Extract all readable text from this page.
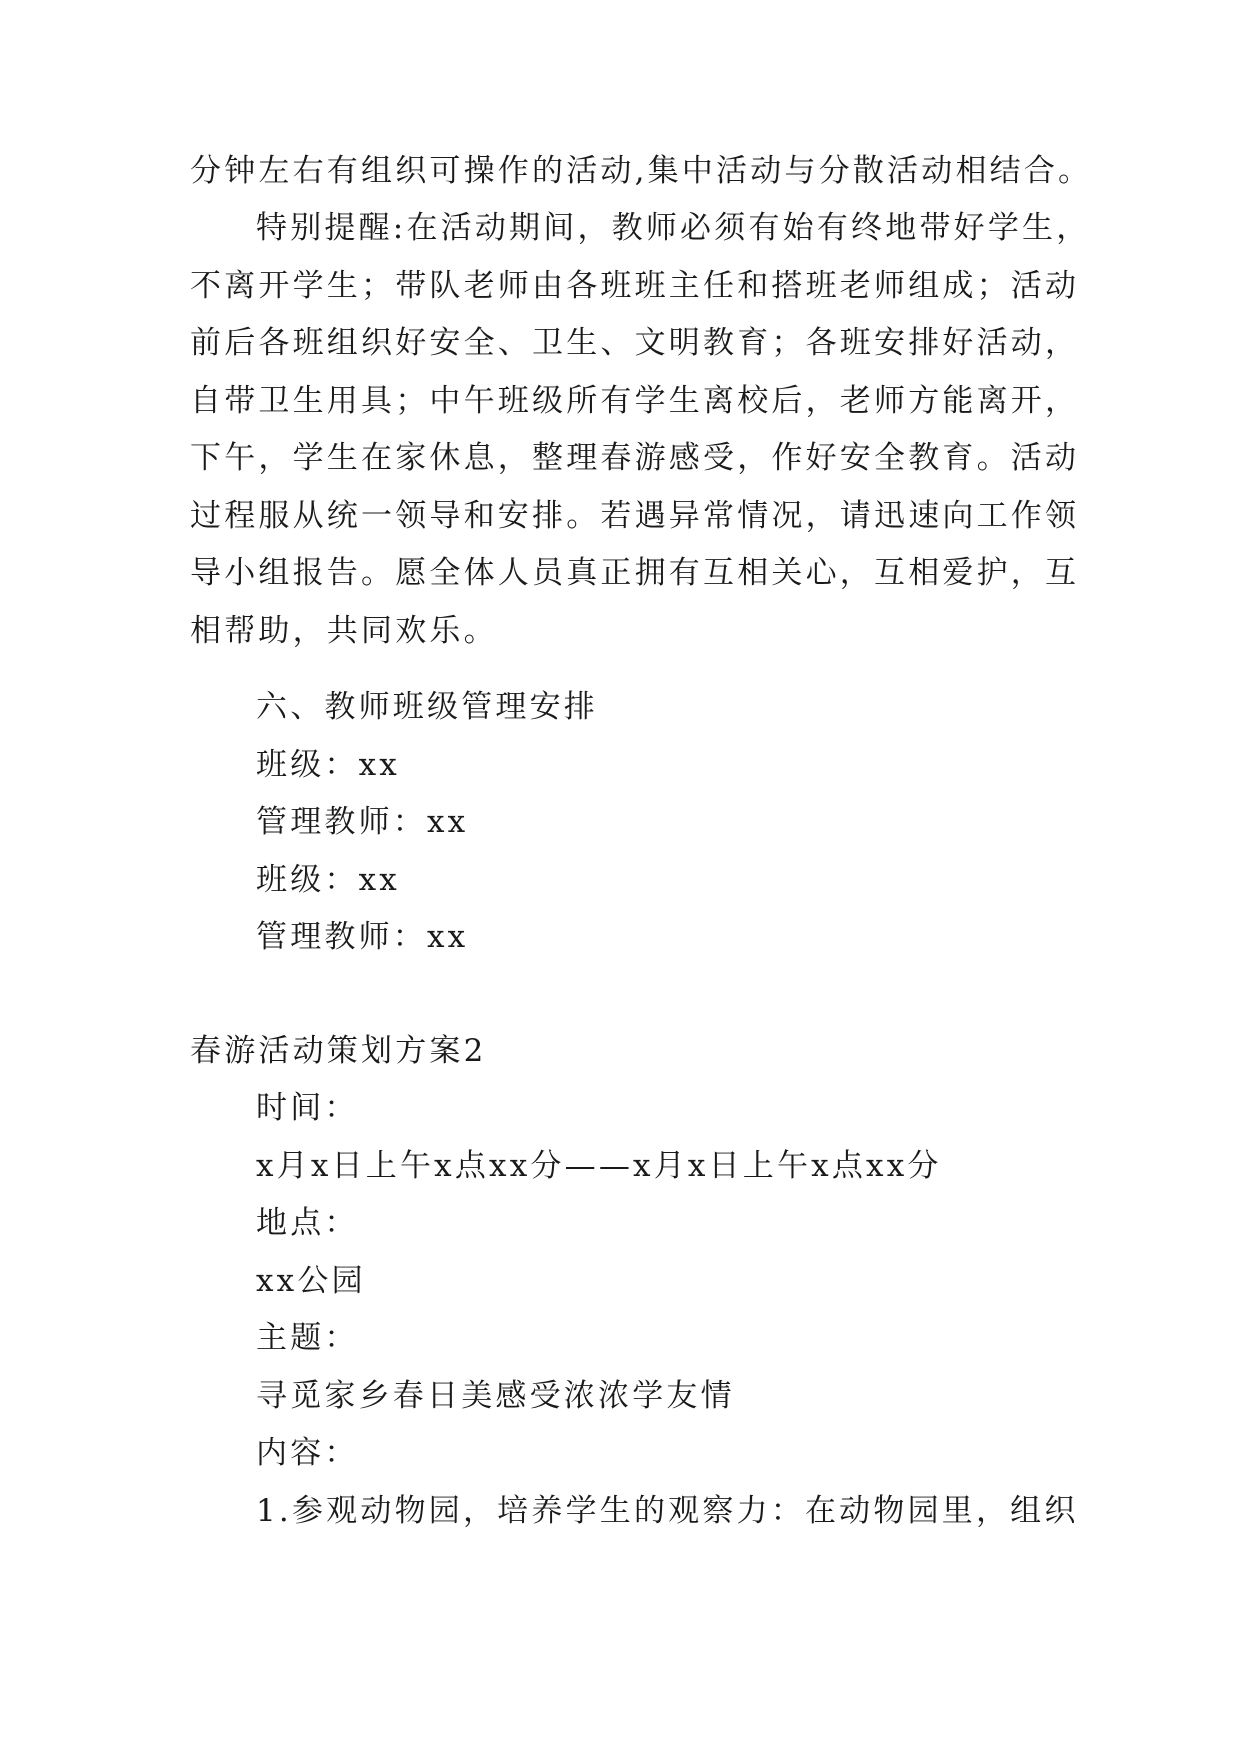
分钟左右有组织可操作的活动,集中活动与分散活动相结合。
特别提醒:在活动期间，教师必须有始有终地带好学生，
不离开学生；带队老师由各班班主任和搭班老师组成；活动
前后各班组织好安全、卫生、文明教育；各班安排好活动，
自带卫生用具；中午班级所有学生离校后，老师方能离开，
下午，学生在家休息，整理春游感受，作好安全教育。活动
过程服从统一领导和安排。若遇异常情况，请迅速向工作领
导小组报告。愿全体人员真正拥有互相关心，互相爱护，互
相帮助，共同欢乐。
六、教师班级管理安排
班级：xx
管理教师：xx
班级：xx
管理教师：xx
春游活动策划方案2
时间：
x月x日上午x点xx分——x月x日上午x点xx分
地点：
xx公园
主题：
寻觅家乡春日美感受浓浓学友情
内容：
1.参观动物园，培养学生的观察力：在动物园里，组织
